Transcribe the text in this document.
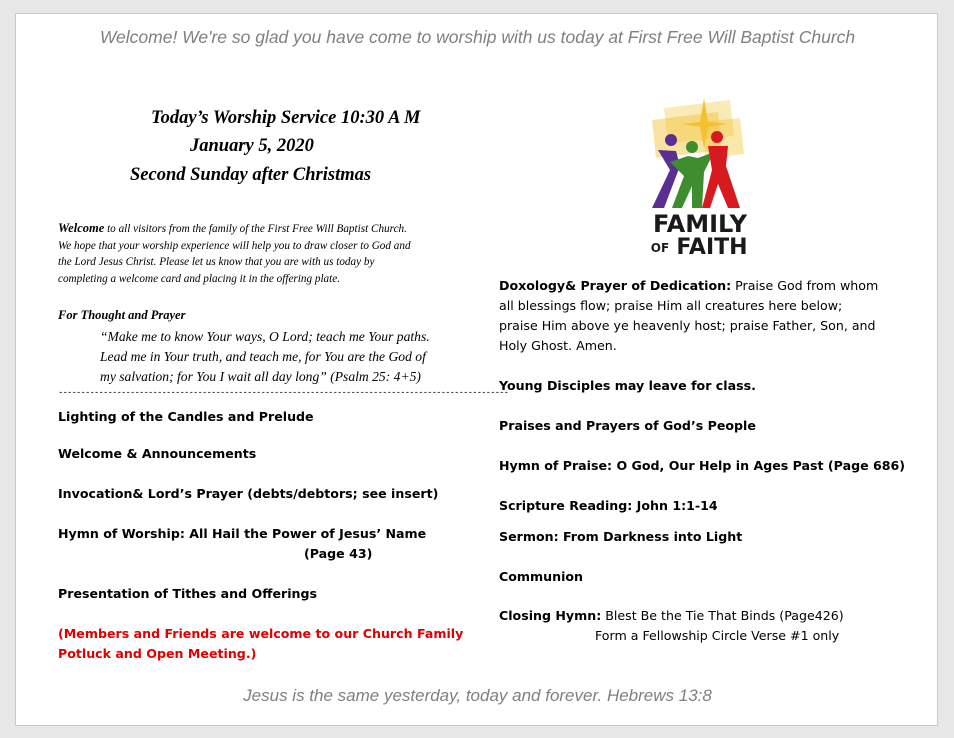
Welcome! We're so glad you have come to worship with us today at First Free Will Baptist Church
Today’s Worship Service 10:30 A M
January 5, 2020
Second Sunday after Christmas
Welcome to all visitors from the family of the First Free Will Baptist Church.
We hope that your worship experience will help you to draw closer to God and
the Lord Jesus Christ. Please let us know that you are with us today by
completing a welcome card and placing it in the offering plate.
For Thought and Prayer
“Make me to know Your ways, O Lord; teach me Your paths.
Lead me in Your truth, and teach me, for You are the God of
my salvation; for You I wait all day long” (Psalm 25: 4+5)
----------------------------------------------------------------------------------------------------
Lighting of the Candles and Prelude
Welcome & Announcements
Invocation& Lord’s Prayer (debts/debtors; see insert)
Hymn of Worship: All Hail the Power of Jesus’ Name
(Page 43)
Presentation of Tithes and Offerings
(Members and Friends are welcome to our Church Family
Potluck and Open Meeting.)
FAMILY
OF FAITH
Doxology& Prayer of Dedication: Praise God from whom
all blessings flow; praise Him all creatures here below;
praise Him above ye heavenly host; praise Father, Son, and
Holy Ghost. Amen.
Young Disciples may leave for class.
Praises and Prayers of God’s People
Hymn of Praise: O God, Our Help in Ages Past (Page 686)
Scripture Reading: John 1:1-14
Sermon: From Darkness into Light
Communion
Closing Hymn: Blest Be the Tie That Binds (Page426)
Form a Fellowship Circle Verse #1 only
Jesus is the same yesterday, today and forever. Hebrews 13:8
